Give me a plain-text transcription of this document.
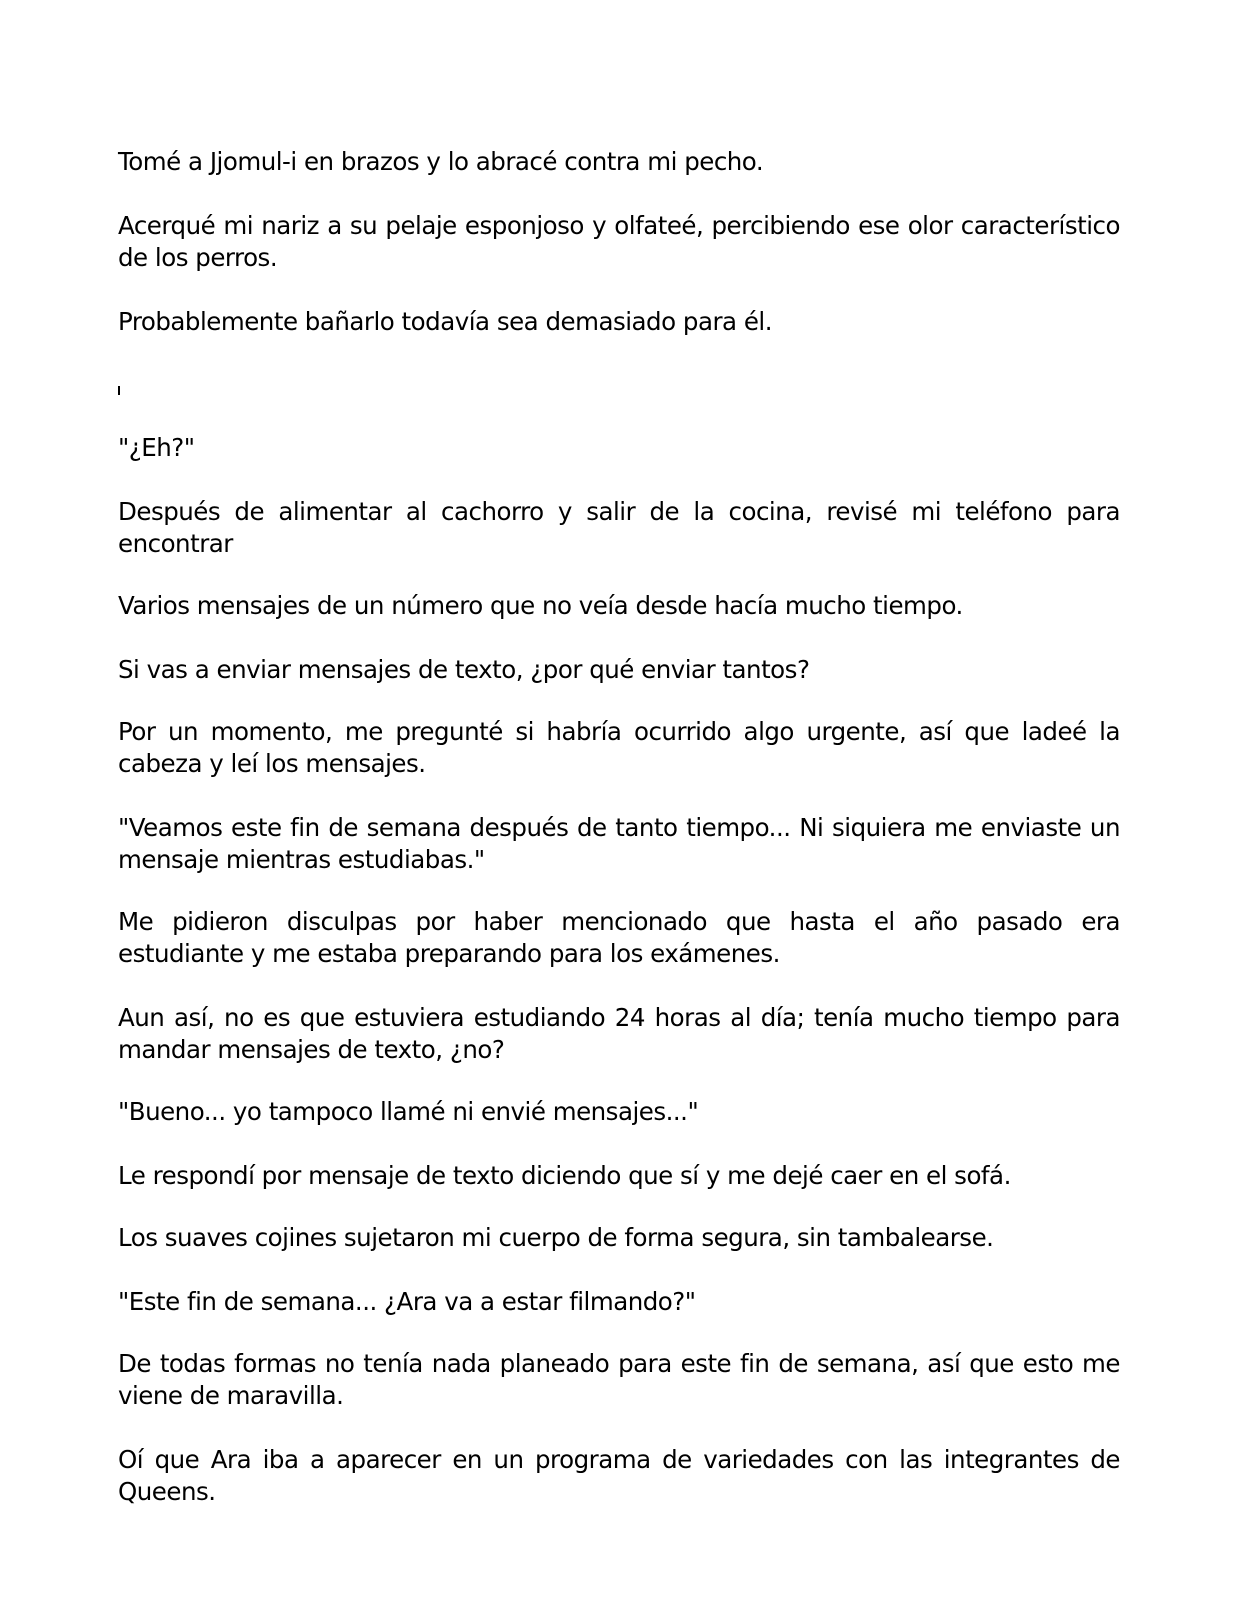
Tomé a Jjomul-i en brazos y lo abracé contra mi pecho.

Acerqué mi nariz a su pelaje esponjoso y olfateé, percibiendo ese olor característico de los perros.

Probablemente bañarlo todavía sea demasiado para él.

"¿Eh?"

Después de alimentar al cachorro y salir de la cocina, revisé mi teléfono para encontrar

Varios mensajes de un número que no veía desde hacía mucho tiempo.

Si vas a enviar mensajes de texto, ¿por qué enviar tantos?

Por un momento, me pregunté si habría ocurrido algo urgente, así que ladeé la cabeza y leí los mensajes.

"Veamos este fin de semana después de tanto tiempo... Ni siquiera me enviaste un mensaje mientras estudiabas."

Me pidieron disculpas por haber mencionado que hasta el año pasado era estudiante y me estaba preparando para los exámenes.

Aun así, no es que estuviera estudiando 24 horas al día; tenía mucho tiempo para mandar mensajes de texto, ¿no?

"Bueno... yo tampoco llamé ni envié mensajes..."

Le respondí por mensaje de texto diciendo que sí y me dejé caer en el sofá.

Los suaves cojines sujetaron mi cuerpo de forma segura, sin tambalearse.

"Este fin de semana... ¿Ara va a estar filmando?"

De todas formas no tenía nada planeado para este fin de semana, así que esto me viene de maravilla.

Oí que Ara iba a aparecer en un programa de variedades con las integrantes de Queens.
